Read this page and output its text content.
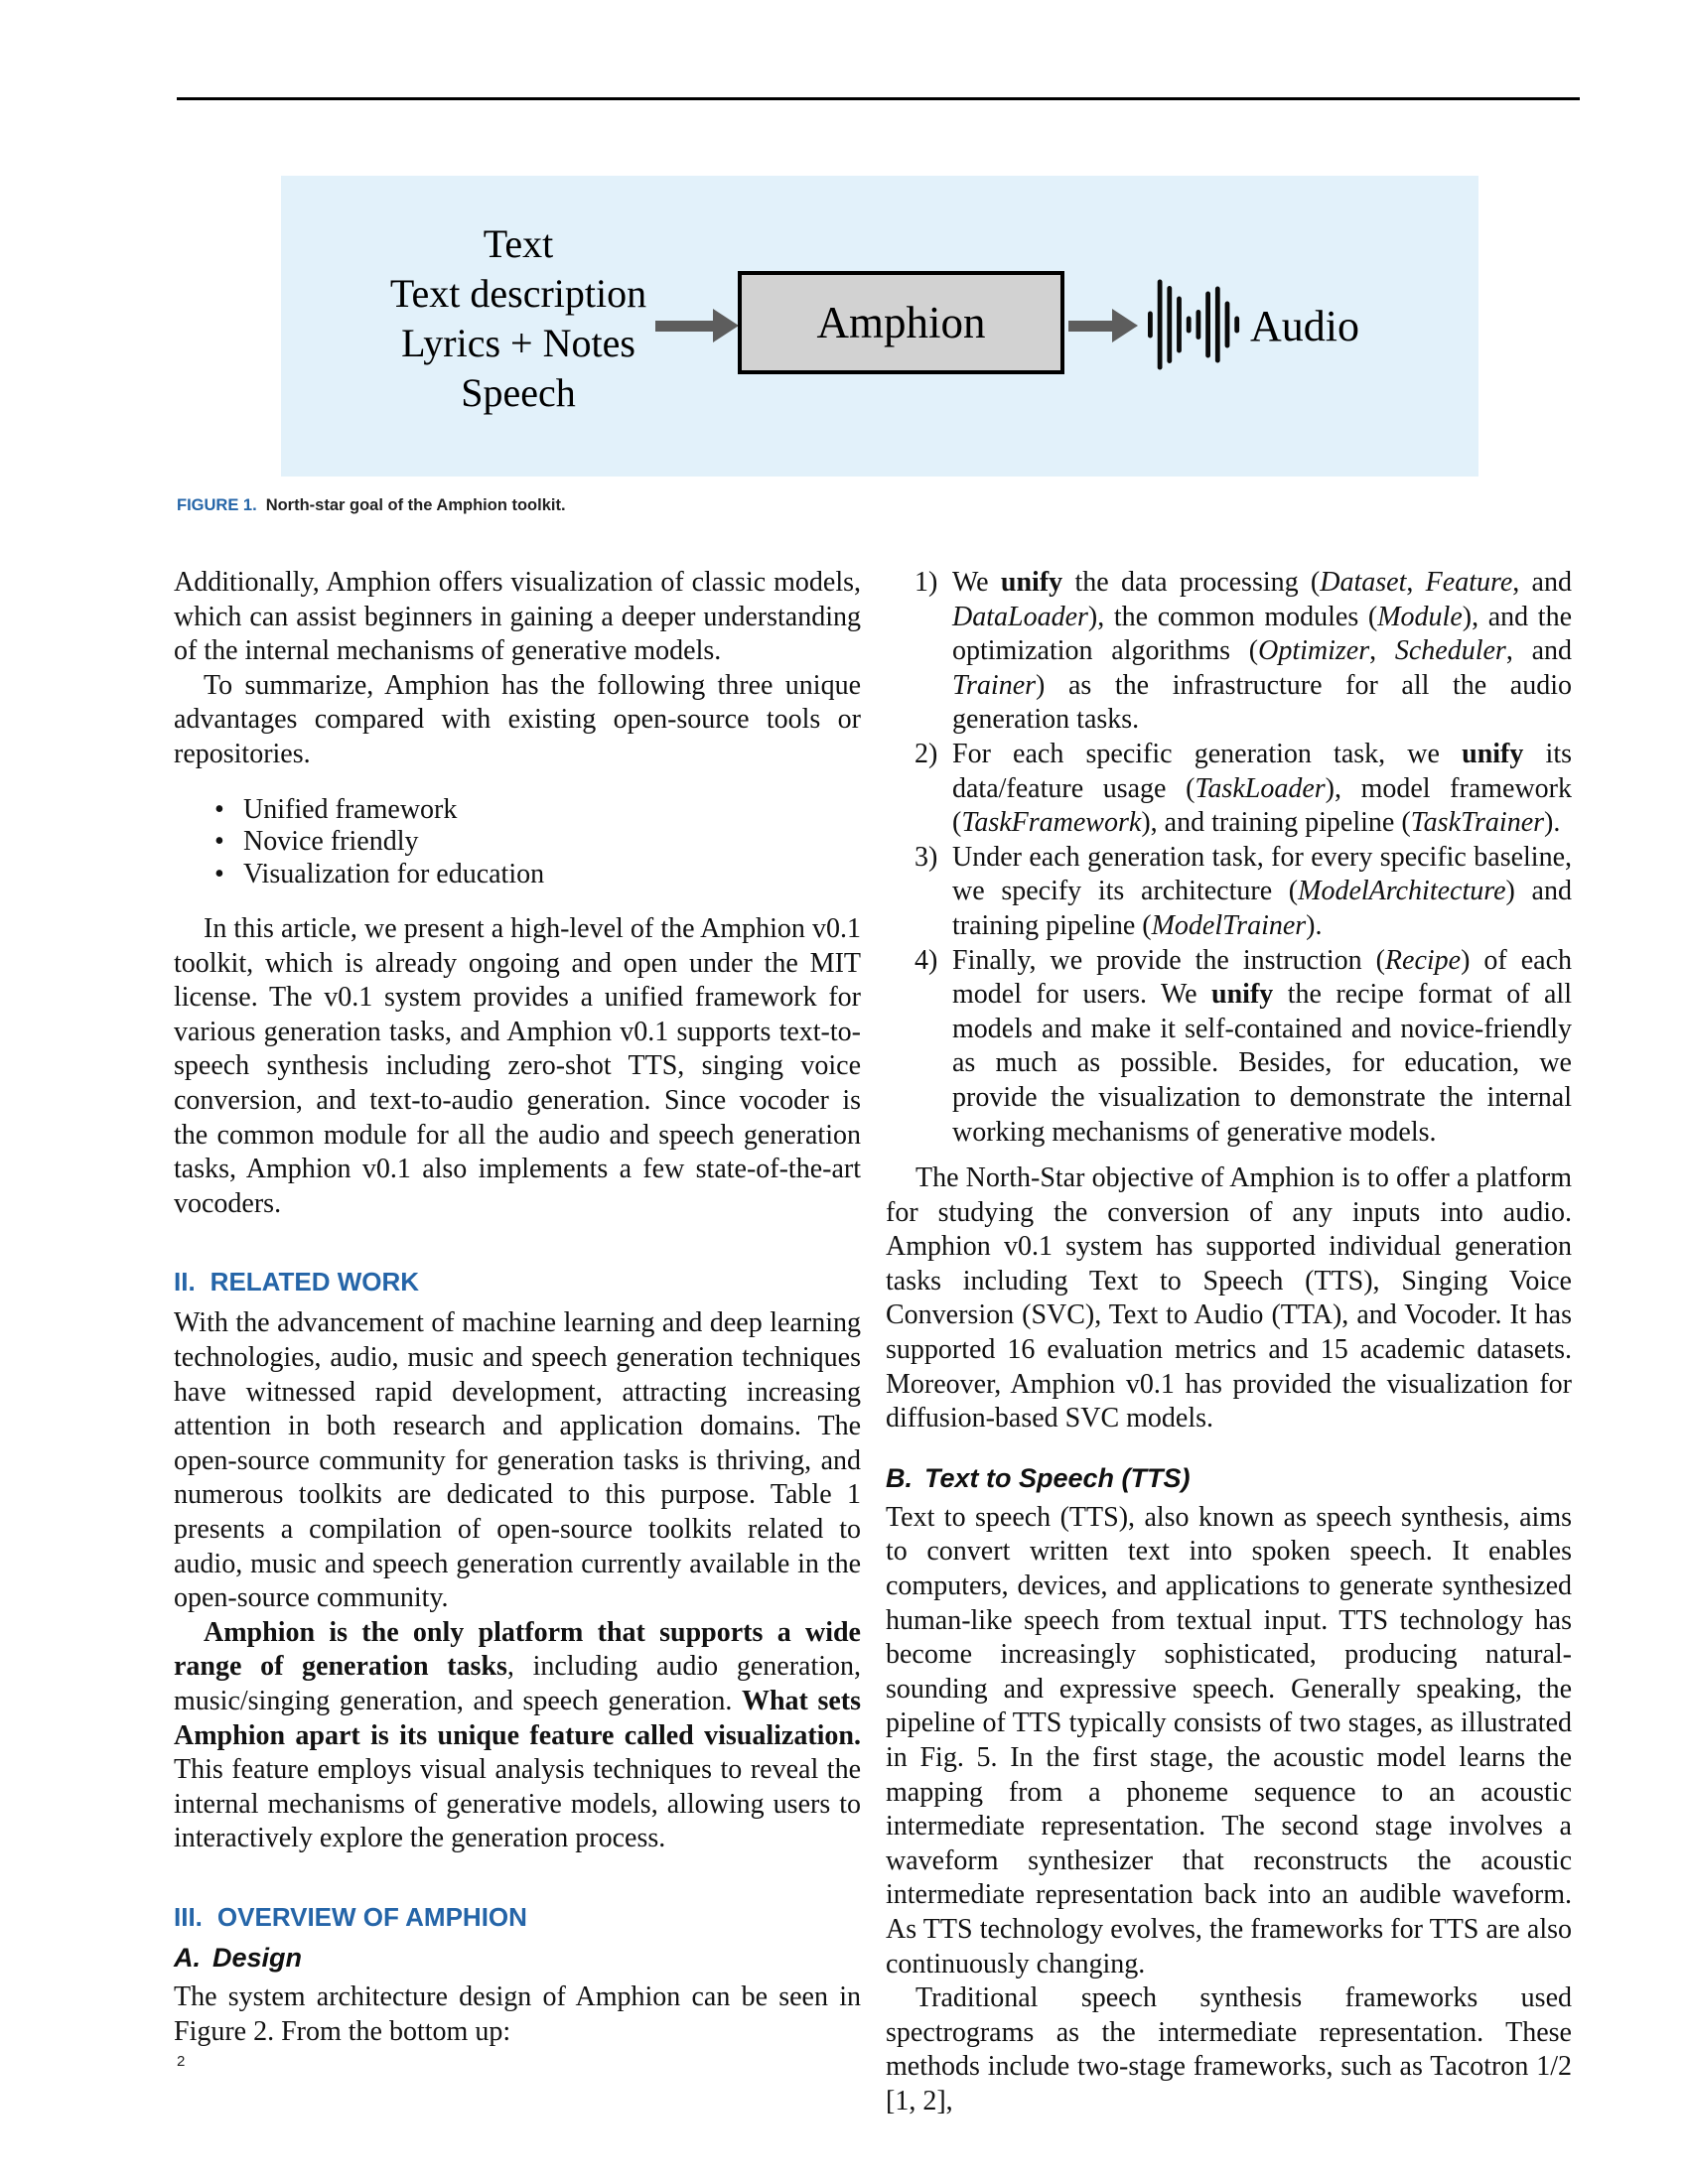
Text
Text description
Lyrics + Notes
Speech
Amphion	Audio
FIGURE 1. North-star goal of the Amphion toolkit.

Additionally, Amphion offers visualization of classic models, which can assist beginners in gaining a deeper understanding of the internal mechanisms of generative models.

To summarize, Amphion has the following three unique advantages compared with existing open-source tools or repositories.

• Unified framework
• Novice friendly
• Visualization for education

In this article, we present a high-level of the Amphion v0.1 toolkit, which is already ongoing and open under the MIT license. The v0.1 system provides a unified framework for various generation tasks, and Amphion v0.1 supports text-to-speech synthesis including zero-shot TTS, singing voice conversion, and text-to-audio generation. Since vocoder is the common module for all the audio and speech generation tasks, Amphion v0.1 also implements a few state-of-the-art vocoders.

II. RELATED WORK

With the advancement of machine learning and deep learning technologies, audio, music and speech generation techniques have witnessed rapid development, attracting increasing attention in both research and application domains. The open-source community for generation tasks is thriving, and numerous toolkits are dedicated to this purpose. Table 1 presents a compilation of open-source toolkits related to audio, music and speech generation currently available in the open-source community.

Amphion is the only platform that supports a wide range of generation tasks, including audio generation, music/singing generation, and speech generation. What sets Amphion apart is its unique feature called visualization. This feature employs visual analysis techniques to reveal the internal mechanisms of generative models, allowing users to interactively explore the generation process.

III. OVERVIEW OF AMPHION
A. Design

The system architecture design of Amphion can be seen in Figure 2. From the bottom up:

1) We unify the data processing (Dataset, Feature, and DataLoader), the common modules (Module), and the optimization algorithms (Optimizer, Scheduler, and Trainer) as the infrastructure for all the audio generation tasks.
2) For each specific generation task, we unify its data/feature usage (TaskLoader), model framework (TaskFramework), and training pipeline (TaskTrainer).
3) Under each generation task, for every specific baseline, we specify its architecture (ModelArchitecture) and training pipeline (ModelTrainer).
4) Finally, we provide the instruction (Recipe) of each model for users. We unify the recipe format of all models and make it self-contained and novice-friendly as much as possible. Besides, for education, we provide the visualization to demonstrate the internal working mechanisms of generative models.

The North-Star objective of Amphion is to offer a platform for studying the conversion of any inputs into audio. Amphion v0.1 system has supported individual generation tasks including Text to Speech (TTS), Singing Voice Conversion (SVC), Text to Audio (TTA), and Vocoder. It has supported 16 evaluation metrics and 15 academic datasets. Moreover, Amphion v0.1 has provided the visualization for diffusion-based SVC models.

B. Text to Speech (TTS)

Text to speech (TTS), also known as speech synthesis, aims to convert written text into spoken speech. It enables computers, devices, and applications to generate synthesized human-like speech from textual input. TTS technology has become increasingly sophisticated, producing natural-sounding and expressive speech. Generally speaking, the pipeline of TTS typically consists of two stages, as illustrated in Fig. 5. In the first stage, the acoustic model learns the mapping from a phoneme sequence to an acoustic intermediate representation. The second stage involves a waveform synthesizer that reconstructs the acoustic intermediate representation back into an audible waveform. As TTS technology evolves, the frameworks for TTS are also continuously changing.

Traditional speech synthesis frameworks used spectrograms as the intermediate representation. These methods include two-stage frameworks, such as Tacotron 1/2 [1, 2],

2
